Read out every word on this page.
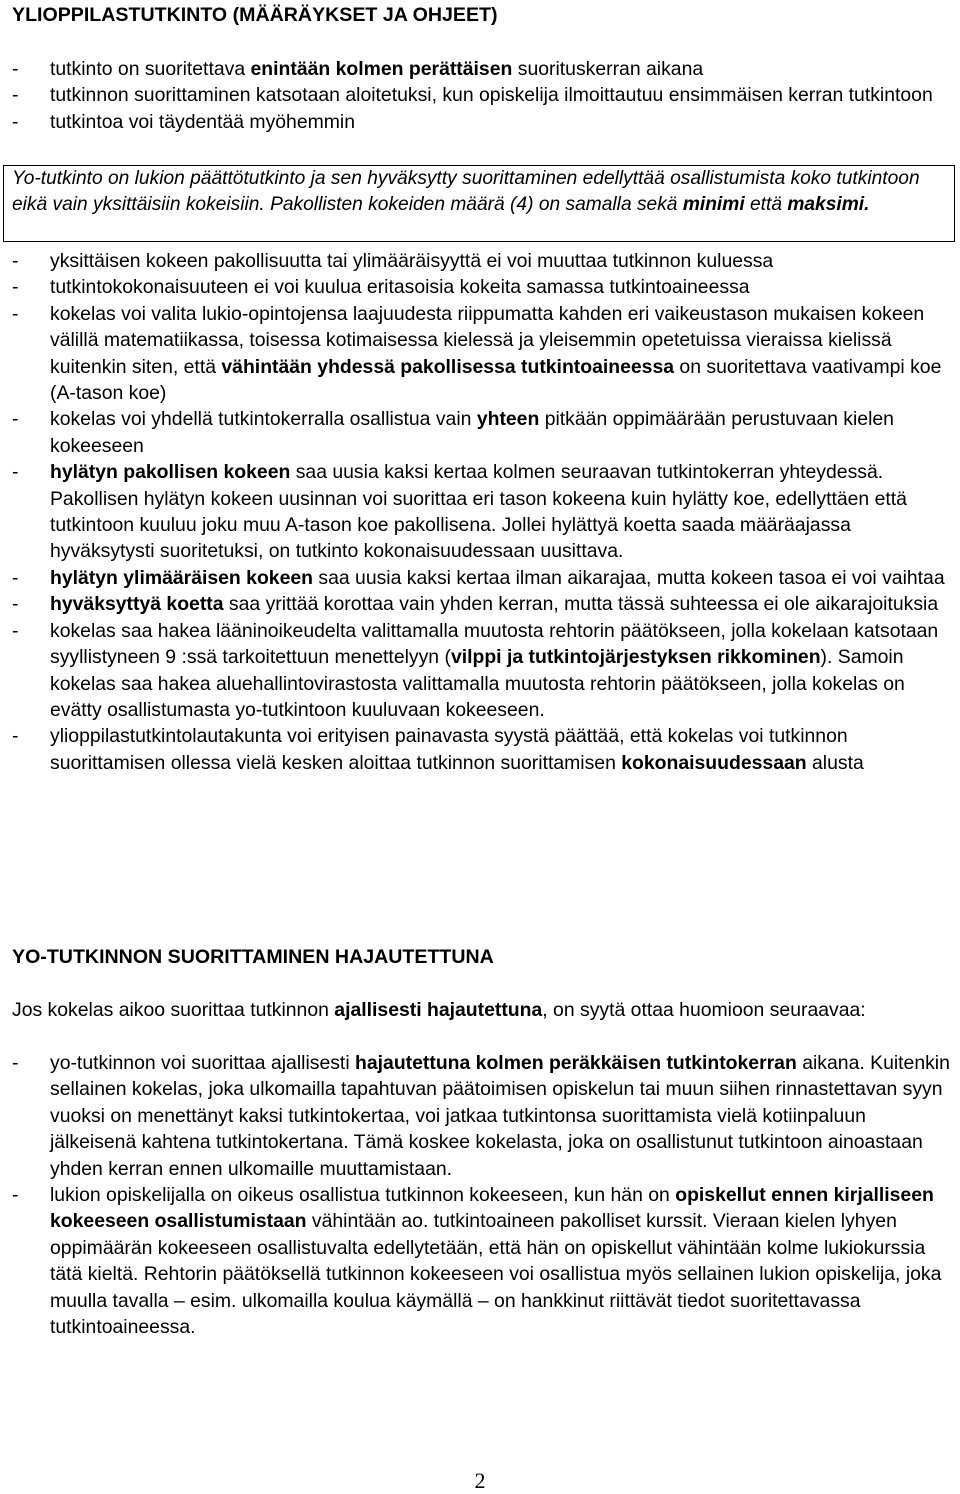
YLIOPPILASTUTKINTO (MÄÄRÄYKSET JA OHJEET)
- tutkinto on suoritettava enintään kolmen perättäisen suorituskerran aikana

- tutkinnon suorittaminen katsotaan aloitetuksi, kun opiskelija ilmoittautuu ensimmäisen kerran tutkintoon

- tutkintoa voi täydentää myöhemmin

Yo-tutkinto on lukion päättötutkinto ja sen hyväksytty suorittaminen edellyttää osallistumista koko tutkintoon eikä vain yksittäisiin kokeisiin. Pakollisten kokeiden määrä (4) on samalla sekä minimi että maksimi.

- yksittäisen kokeen pakollisuutta tai ylimääräisyyttä ei voi muuttaa tutkinnon kuluessa

- tutkintokokonaisuuteen ei voi kuulua eritasoisia kokeita samassa tutkintoaineessa

- kokelas voi valita lukio-opintojensa laajuudesta riippumatta kahden eri vaikeustason mukaisen kokeen välillä matematiikassa, toisessa kotimaisessa kielessä ja yleisemmin opetetuissa vieraissa kielissä kuitenkin siten, että vähintään yhdessä pakollisessa tutkintoaineessa on suoritettava vaativampi koe (A-tason koe)

- kokelas voi yhdellä tutkintokerralla osallistua vain yhteen pitkään oppimäärään perustuvaan kielen kokeeseen

- hylätyn pakollisen kokeen saa uusia kaksi kertaa kolmen seuraavan tutkintokerran yhteydessä. Pakollisen hylätyn kokeen uusinnan voi suorittaa eri tason kokeena kuin hylätty koe, edellyttäen että tutkintoon kuuluu joku muu A-tason koe pakollisena. Jollei hylättyä koetta saada määräajassa hyväksytysti suoritetuksi, on tutkinto kokonaisuudessaan uusittava.

- hylätyn ylimääräisen kokeen saa uusia kaksi kertaa ilman aikarajaa, mutta kokeen tasoa ei voi vaihtaa

- hyväksyttyä koetta saa yrittää korottaa vain yhden kerran, mutta tässä suhteessa ei ole aikarajoituksia

- kokelas saa hakea lääninoikeudelta valittamalla muutosta rehtorin päätökseen, jolla kokelaan katsotaan syyllistyneen 9 :ssä tarkoitettuun menettelyyn (vilppi ja tutkintojärjestyksen rikkominen). Samoin kokelas saa hakea aluehallintovirastosta valittamalla muutosta rehtorin päätökseen, jolla kokelas on evätty osallistumasta yo-tutkintoon kuuluvaan kokeeseen.

- ylioppilastutkintolautakunta voi erityisen painavasta syystä päättää, että kokelas voi tutkinnon suorittamisen ollessa vielä kesken aloittaa tutkinnon suorittamisen kokonaisuudessaan alusta

YO-TUTKINNON SUORITTAMINEN HAJAUTETTUNA

Jos kokelas aikoo suorittaa tutkinnon ajallisesti hajautettuna, on syytä ottaa huomioon seuraavaa:

- yo-tutkinnon voi suorittaa ajallisesti hajautettuna kolmen peräkkäisen tutkintokerran aikana. Kuitenkin sellainen kokelas, joka ulkomailla tapahtuvan päätoimisen opiskelun tai muun siihen rinnastettavan syyn vuoksi on menettänyt kaksi tutkintokertaa, voi jatkaa tutkintonsa suorittamista vielä kotiinpaluun jälkeisenä kahtena tutkintokertana. Tämä koskee kokelasta, joka on osallistunut tutkintoon ainoastaan yhden kerran ennen ulkomaille muuttamistaan.

- lukion opiskelijalla on oikeus osallistua tutkinnon kokeeseen, kun hän on opiskellut ennen kirjalliseen kokeeseen osallistumistaan vähintään ao. tutkintoaineen pakolliset kurssit. Vieraan kielen lyhyen oppimäärän kokeeseen osallistuvalta edellytetään, että hän on opiskellut vähintään kolme lukiokurssia tätä kieltä. Rehtorin päätöksellä tutkinnon kokeeseen voi osallistua myös sellainen lukion opiskelija, joka muulla tavalla – esim. ulkomailla koulua käymällä – on hankkinut riittävät tiedot suoritettavassa tutkintoaineessa.

2
